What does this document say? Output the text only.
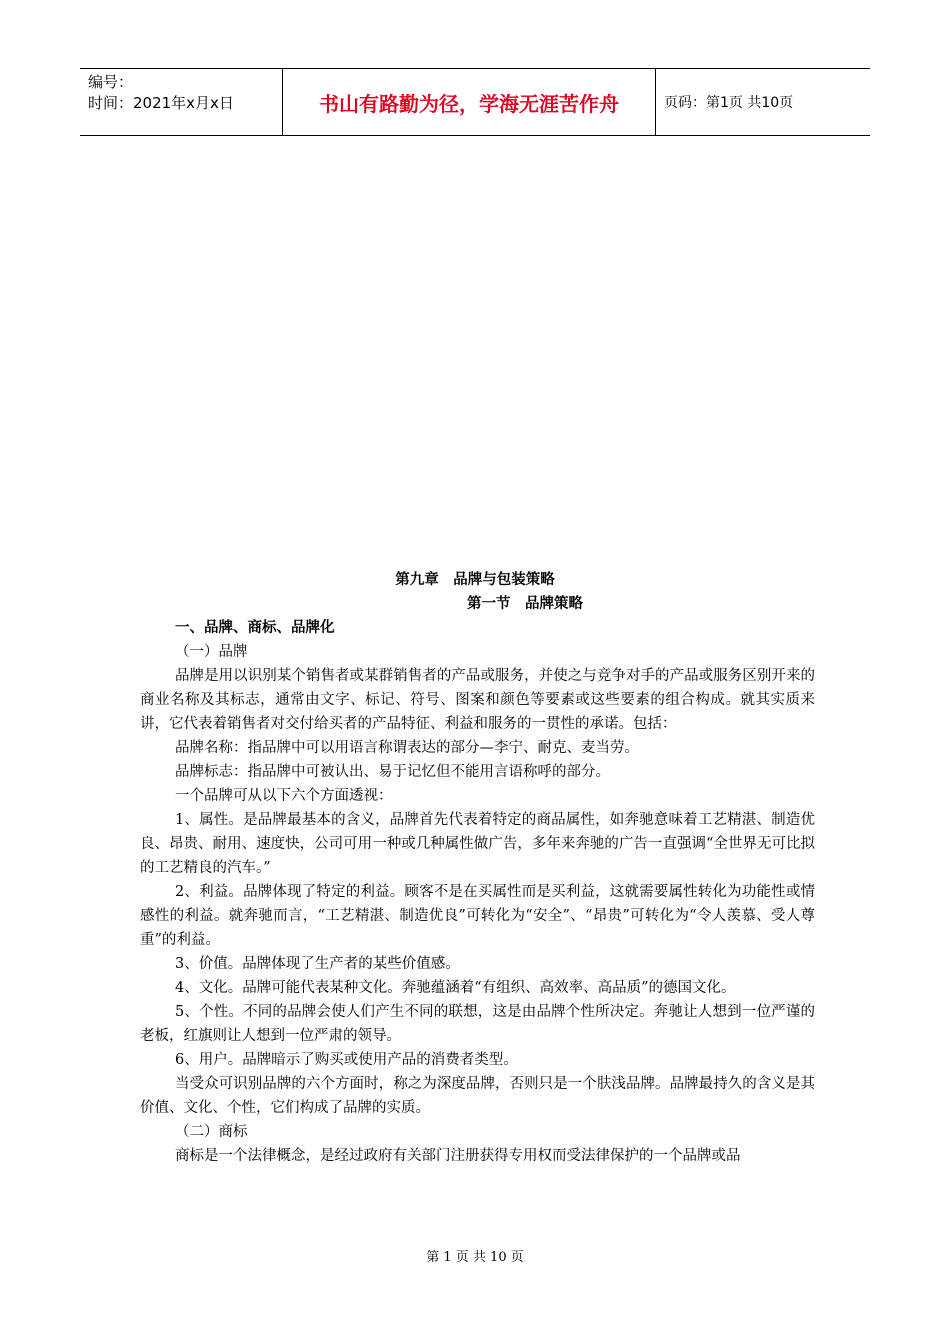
编号：
时间：2021年x月x日	书山有路勤为径，学海无涯苦作舟	页码：第1页 共10页
第九章　品牌与包装策略
第一节　品牌策略
一、品牌、商标、品牌化
（一）品牌
品牌是用以识别某个销售者或某群销售者的产品或服务，并使之与竞争对手的产品或服务区别开来的商业名称及其标志，通常由文字、标记、符号、图案和颜色等要素或这些要素的组合构成。就其实质来讲，它代表着销售者对交付给买者的产品特征、利益和服务的一贯性的承诺。包括：
品牌名称：指品牌中可以用语言称谓表达的部分—李宁、耐克、麦当劳。
品牌标志：指品牌中可被认出、易于记忆但不能用言语称呼的部分。
一个品牌可从以下六个方面透视：
1、属性。是品牌最基本的含义，品牌首先代表着特定的商品属性，如奔驰意味着工艺精湛、制造优良、昂贵、耐用、速度快，公司可用一种或几种属性做广告，多年来奔驰的广告一直强调“全世界无可比拟的工艺精良的汽车。”
2、利益。品牌体现了特定的利益。顾客不是在买属性而是买利益，这就需要属性转化为功能性或情感性的利益。就奔驰而言，“工艺精湛、制造优良”可转化为“安全”、“昂贵”可转化为“令人羡慕、受人尊重”的利益。
3、价值。品牌体现了生产者的某些价值感。
4、文化。品牌可能代表某种文化。奔驰蕴涵着“有组织、高效率、高品质”的德国文化。
5、个性。不同的品牌会使人们产生不同的联想，这是由品牌个性所决定。奔驰让人想到一位严谨的老板，红旗则让人想到一位严肃的领导。
6、用户。品牌暗示了购买或使用产品的消费者类型。
当受众可识别品牌的六个方面时，称之为深度品牌，否则只是一个肤浅品牌。品牌最持久的含义是其价值、文化、个性，它们构成了品牌的实质。
（二）商标
商标是一个法律概念，是经过政府有关部门注册获得专用权而受法律保护的一个品牌或品
第 1 页 共 10 页
